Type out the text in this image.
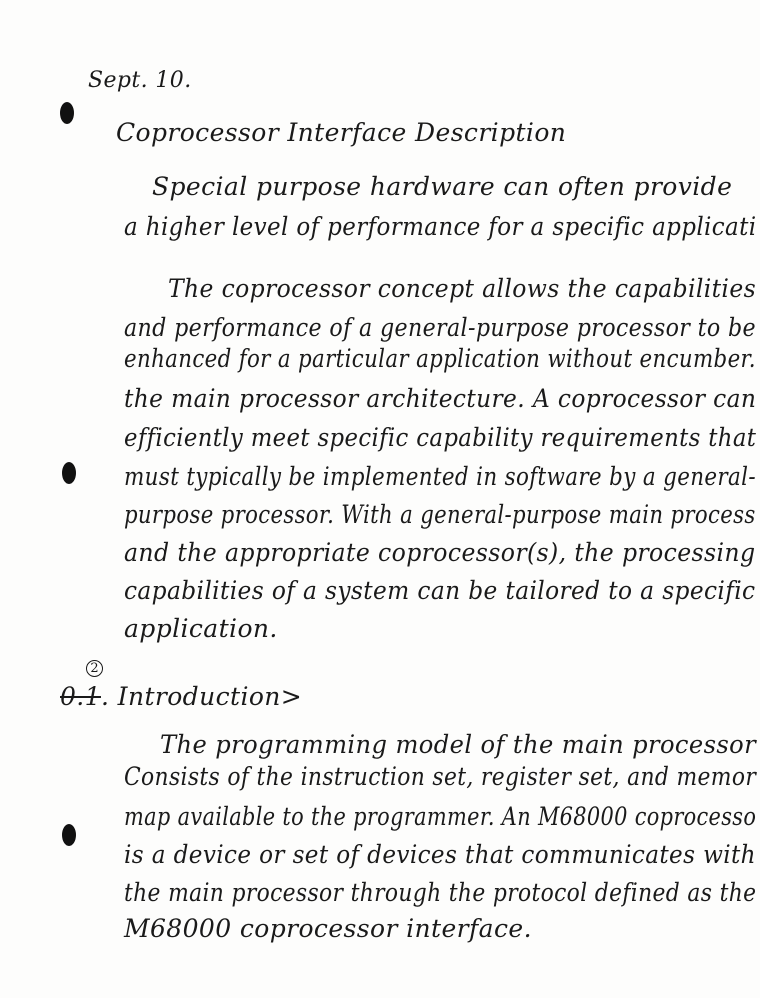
Sept. 10.
Coprocessor Interface Description
Special purpose hardware can often provide
a higher level of performance for a specific applicati
The coprocessor concept allows the capabilities
and performance of a general-purpose processor to be
enhanced for a particular application without encumber.
the main processor architecture. A coprocessor can
efficiently meet specific capability requirements that
must typically be implemented in software by a general-
purpose processor. With a general-purpose main process
and the appropriate coprocessor(s), the processing
capabilities of a system can be tailored to a specific
application.
2
0.1. Introduction>
The programming model of the main processor
Consists of the instruction set, register set, and memor
map available to the programmer. An M68000 coprocesso
is a device or set of devices that communicates with
the main processor through the protocol defined as the
M68000 coprocessor interface.
